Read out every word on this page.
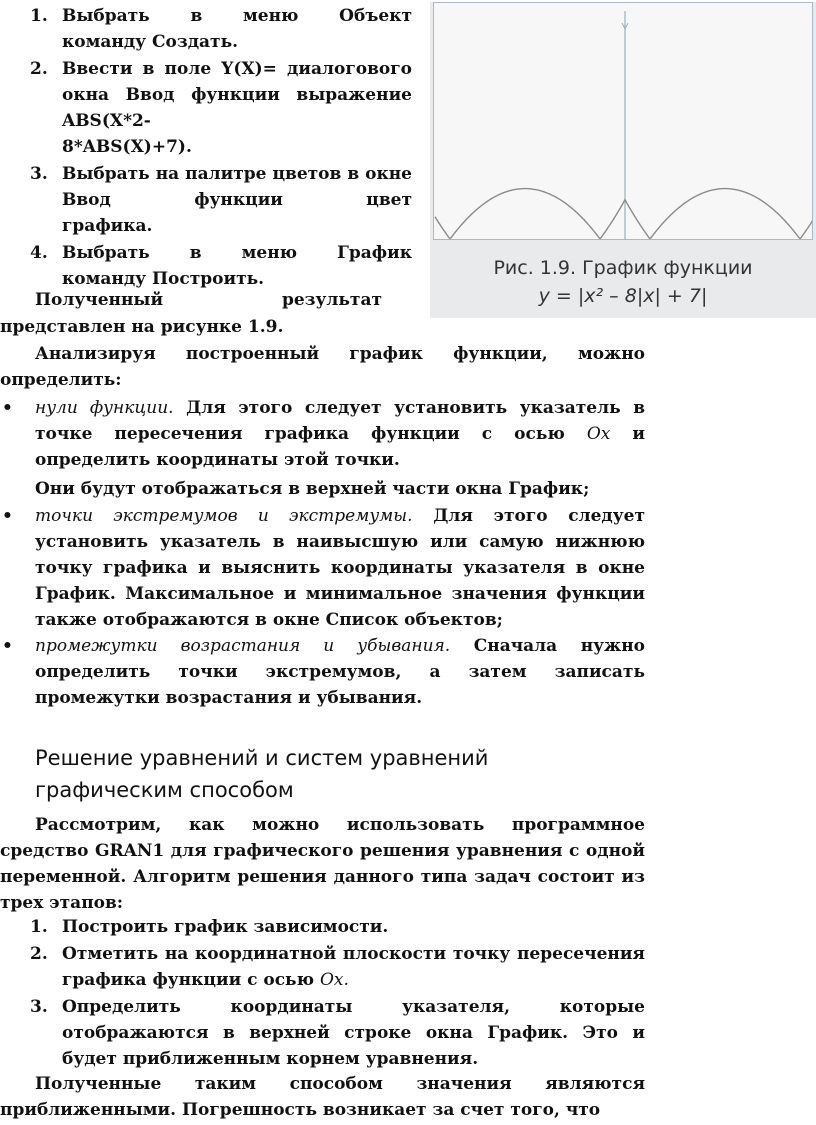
1. Выбрать в меню Объект
команду Создать.
2. Ввести в поле Y(X)= диалогового окна Ввод функции выражение ABS(X*2-
8*ABS(X)+7).
3. Выбрать на палитре цветов в окне Ввод функции цвет
графика.
4. Выбрать в меню График
команду Построить.
Полученный результат
представлен на рисунке 1.9.
Рис. 1.9. График функции
y = |x² – 8|x| + 7|
Анализируя построенный график функции, можно определить:
• нули функции. Для этого следует установить указатель в точке пересечения графика функции с осью Ox и определить координаты этой точки.
Они будут отображаться в верхней части окна График;
• точки экстремумов и экстремумы. Для этого следует установить указатель в наивысшую или самую нижнюю точку графика и выяснить координаты указателя в окне График. Максимальное и минимальное значения функции также отображаются в окне Список объектов;
• промежутки возрастания и убывания. Сначала нужно определить точки экстремумов, а затем записать промежутки возрастания и убывания.
Решение уравнений и систем уравнений графическим способом
Рассмотрим, как можно использовать программное средство GRAN1 для графического решения уравнения с одной переменной. Алгоритм решения данного типа задач состоит из трех этапов:
1. Построить график зависимости.
2. Отметить на координатной плоскости точку пересечения графика функции с осью Ox.
3. Определить координаты указателя, которые отображаются в верхней строке окна График. Это и будет приближенным корнем уравнения.
Полученные таким способом значения являются приближенными. Погрешность возникает за счет того, что
